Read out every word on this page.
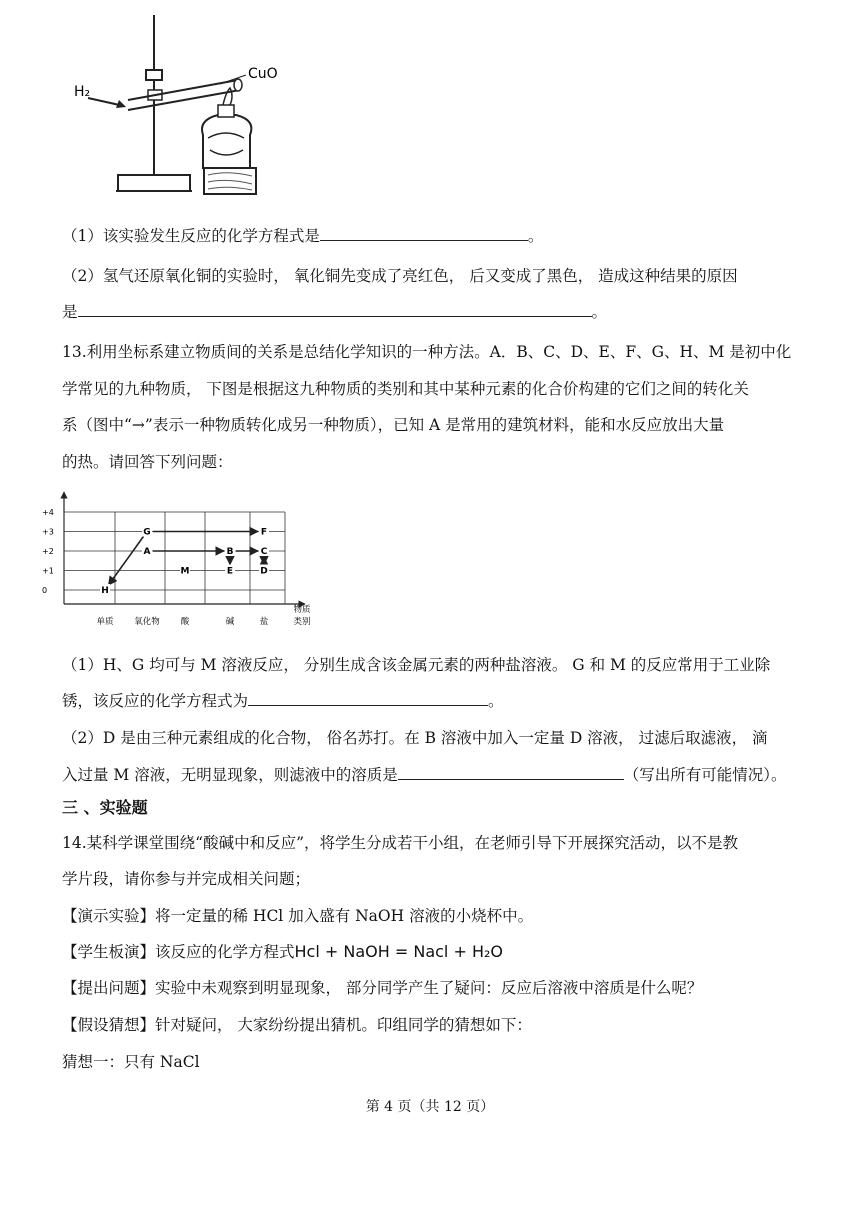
H₂
CuO
（1）该实验发生反应的化学方程式是	。
（2）氢气还原氧化铜的实验时， 氧化铜先变成了亮红色， 后又变成了黑色， 造成这种结果的原因
是	。
13.利用坐标系建立物质间的关系是总结化学知识的一种方法。A．B、C、D、E、F、G、H、M 是初中化
学常见的九种物质， 下图是根据这九种物质的类别和其中某种元素的化合价构建的它们之间的转化关
系（图中“→”表示一种物质转化成另一种物质），已知 A 是常用的建筑材料，能和水反应放出大量
的热。请回答下列问题：
+4
+3
+2
+1
0
单质 氧化物 酸	碱	盐
物质
类别
H
G
A
M
B
E
F
C
D
（1）H、G 均可与 M 溶液反应， 分别生成含该金属元素的两种盐溶液。 G 和 M 的反应常用于工业除
锈，该反应的化学方程式为	。
（2）D 是由三种元素组成的化合物， 俗名苏打。在 B 溶液中加入一定量 D 溶液， 过滤后取滤液， 滴
入过量 M 溶液，无明显现象，则滤液中的溶质是	（写出所有可能情况）。
三 、实验题
14.某科学课堂围绕“酸碱中和反应”，将学生分成若干小组，在老师引导下开展探究活动，以不是教
学片段，请你参与并完成相关问题；
【演示实验】将一定量的稀 HCl 加入盛有 NaOH 溶液的小烧杯中。
【学生板演】该反应的化学方程式Hcl + NaOH = Nacl + H₂O
【提出问题】实验中未观察到明显现象， 部分同学产生了疑问：反应后溶液中溶质是什么呢？
【假设猜想】针对疑问， 大家纷纷提出猜机。印组同学的猜想如下：
猜想一：只有 NaCl
第 4 页（共 12 页）
